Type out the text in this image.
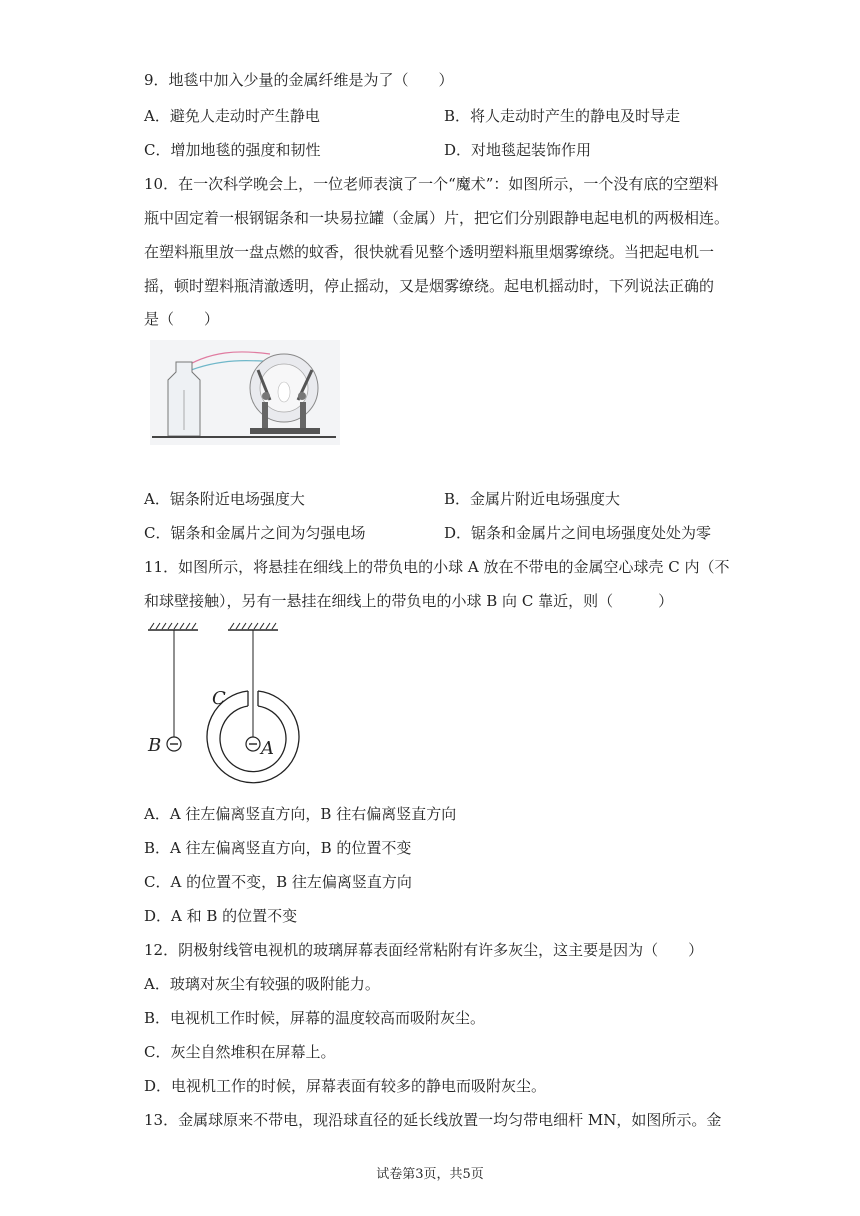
9．地毯中加入少量的金属纤维是为了（　　）
A．避免人走动时产生静电	B．将人走动时产生的静电及时导走
C．增加地毯的强度和韧性	D．对地毯起装饰作用
10．在一次科学晚会上，一位老师表演了一个“魔术”：如图所示，一个没有底的空塑料
瓶中固定着一根钢锯条和一块易拉罐（金属）片，把它们分别跟静电起电机的两极相连。
在塑料瓶里放一盘点燃的蚊香，很快就看见整个透明塑料瓶里烟雾缭绕。当把起电机一
摇，顿时塑料瓶清澈透明，停止摇动，又是烟雾缭绕。起电机摇动时，下列说法正确的
是（　　）
A．锯条附近电场强度大	B．金属片附近电场强度大
C．锯条和金属片之间为匀强电场	D．锯条和金属片之间电场强度处处为零
11．如图所示，将悬挂在细线上的带负电的小球 A 放在不带电的金属空心球壳 C 内（不
和球壁接触），另有一悬挂在细线上的带负电的小球 B 向 C 靠近，则（　　　）
B	A
C
A．A 往左偏离竖直方向，B 往右偏离竖直方向
B．A 往左偏离竖直方向，B 的位置不变
C．A 的位置不变，B 往左偏离竖直方向
D．A 和 B 的位置不变
12．阴极射线管电视机的玻璃屏幕表面经常粘附有许多灰尘，这主要是因为（　　）
A．玻璃对灰尘有较强的吸附能力。
B．电视机工作时候，屏幕的温度较高而吸附灰尘。
C．灰尘自然堆积在屏幕上。
D．电视机工作的时候，屏幕表面有较多的静电而吸附灰尘。
13．金属球原来不带电，现沿球直径的延长线放置一均匀带电细杆 MN，如图所示。金
试卷第3页，共5页
